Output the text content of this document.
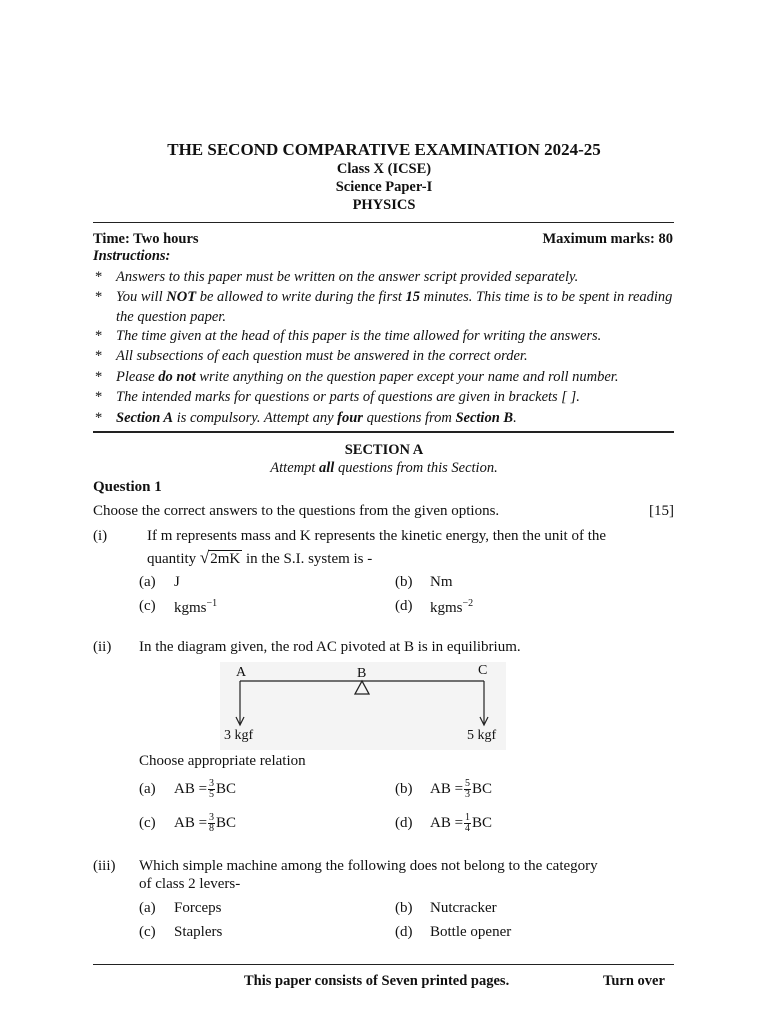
THE SECOND COMPARATIVE EXAMINATION 2024-25
Class X (ICSE)
Science Paper-I
PHYSICS
Time: Two hours	Maximum marks: 80
Instructions:
* Answers to this paper must be written on the answer script provided separately.
* You will NOT be allowed to write during the first 15 minutes. This time is to be spent in reading the question paper.
* The time given at the head of this paper is the time allowed for writing the answers.
* All subsections of each question must be answered in the correct order.
* Please do not write anything on the question paper except your name and roll number.
* The intended marks for questions or parts of questions are given in brackets [ ].
* Section A is compulsory. Attempt any four questions from Section B.
SECTION A
Attempt all questions from this Section.
Question 1
Choose the correct answers to the questions from the given options.	[15]
(i)	If m represents mass and K represents the kinetic energy, then the unit of the
quantity √2mK in the S.I. system is -
(a) J	(b) Nm
(c) kgms$^{-1}$	(d) kgms$^{-2}$
(ii) In the diagram given, the rod AC pivoted at B is in equilibrium.
A	B	C
3 kgf	5 kgf
Choose appropriate relation
(a) AB = $\frac{3}{5}$ BC	(b) AB = $\frac{5}{3}$ BC
(c) AB = $\frac{3}{8}$ BC	(d) AB = $\frac{1}{4}$ BC
(iii) Which simple machine among the following does not belong to the category
of class 2 levers-
(a) Forceps	(b) Nutcracker
(c) Staplers	(d) Bottle opener
This paper consists of Seven printed pages.	Turn over
